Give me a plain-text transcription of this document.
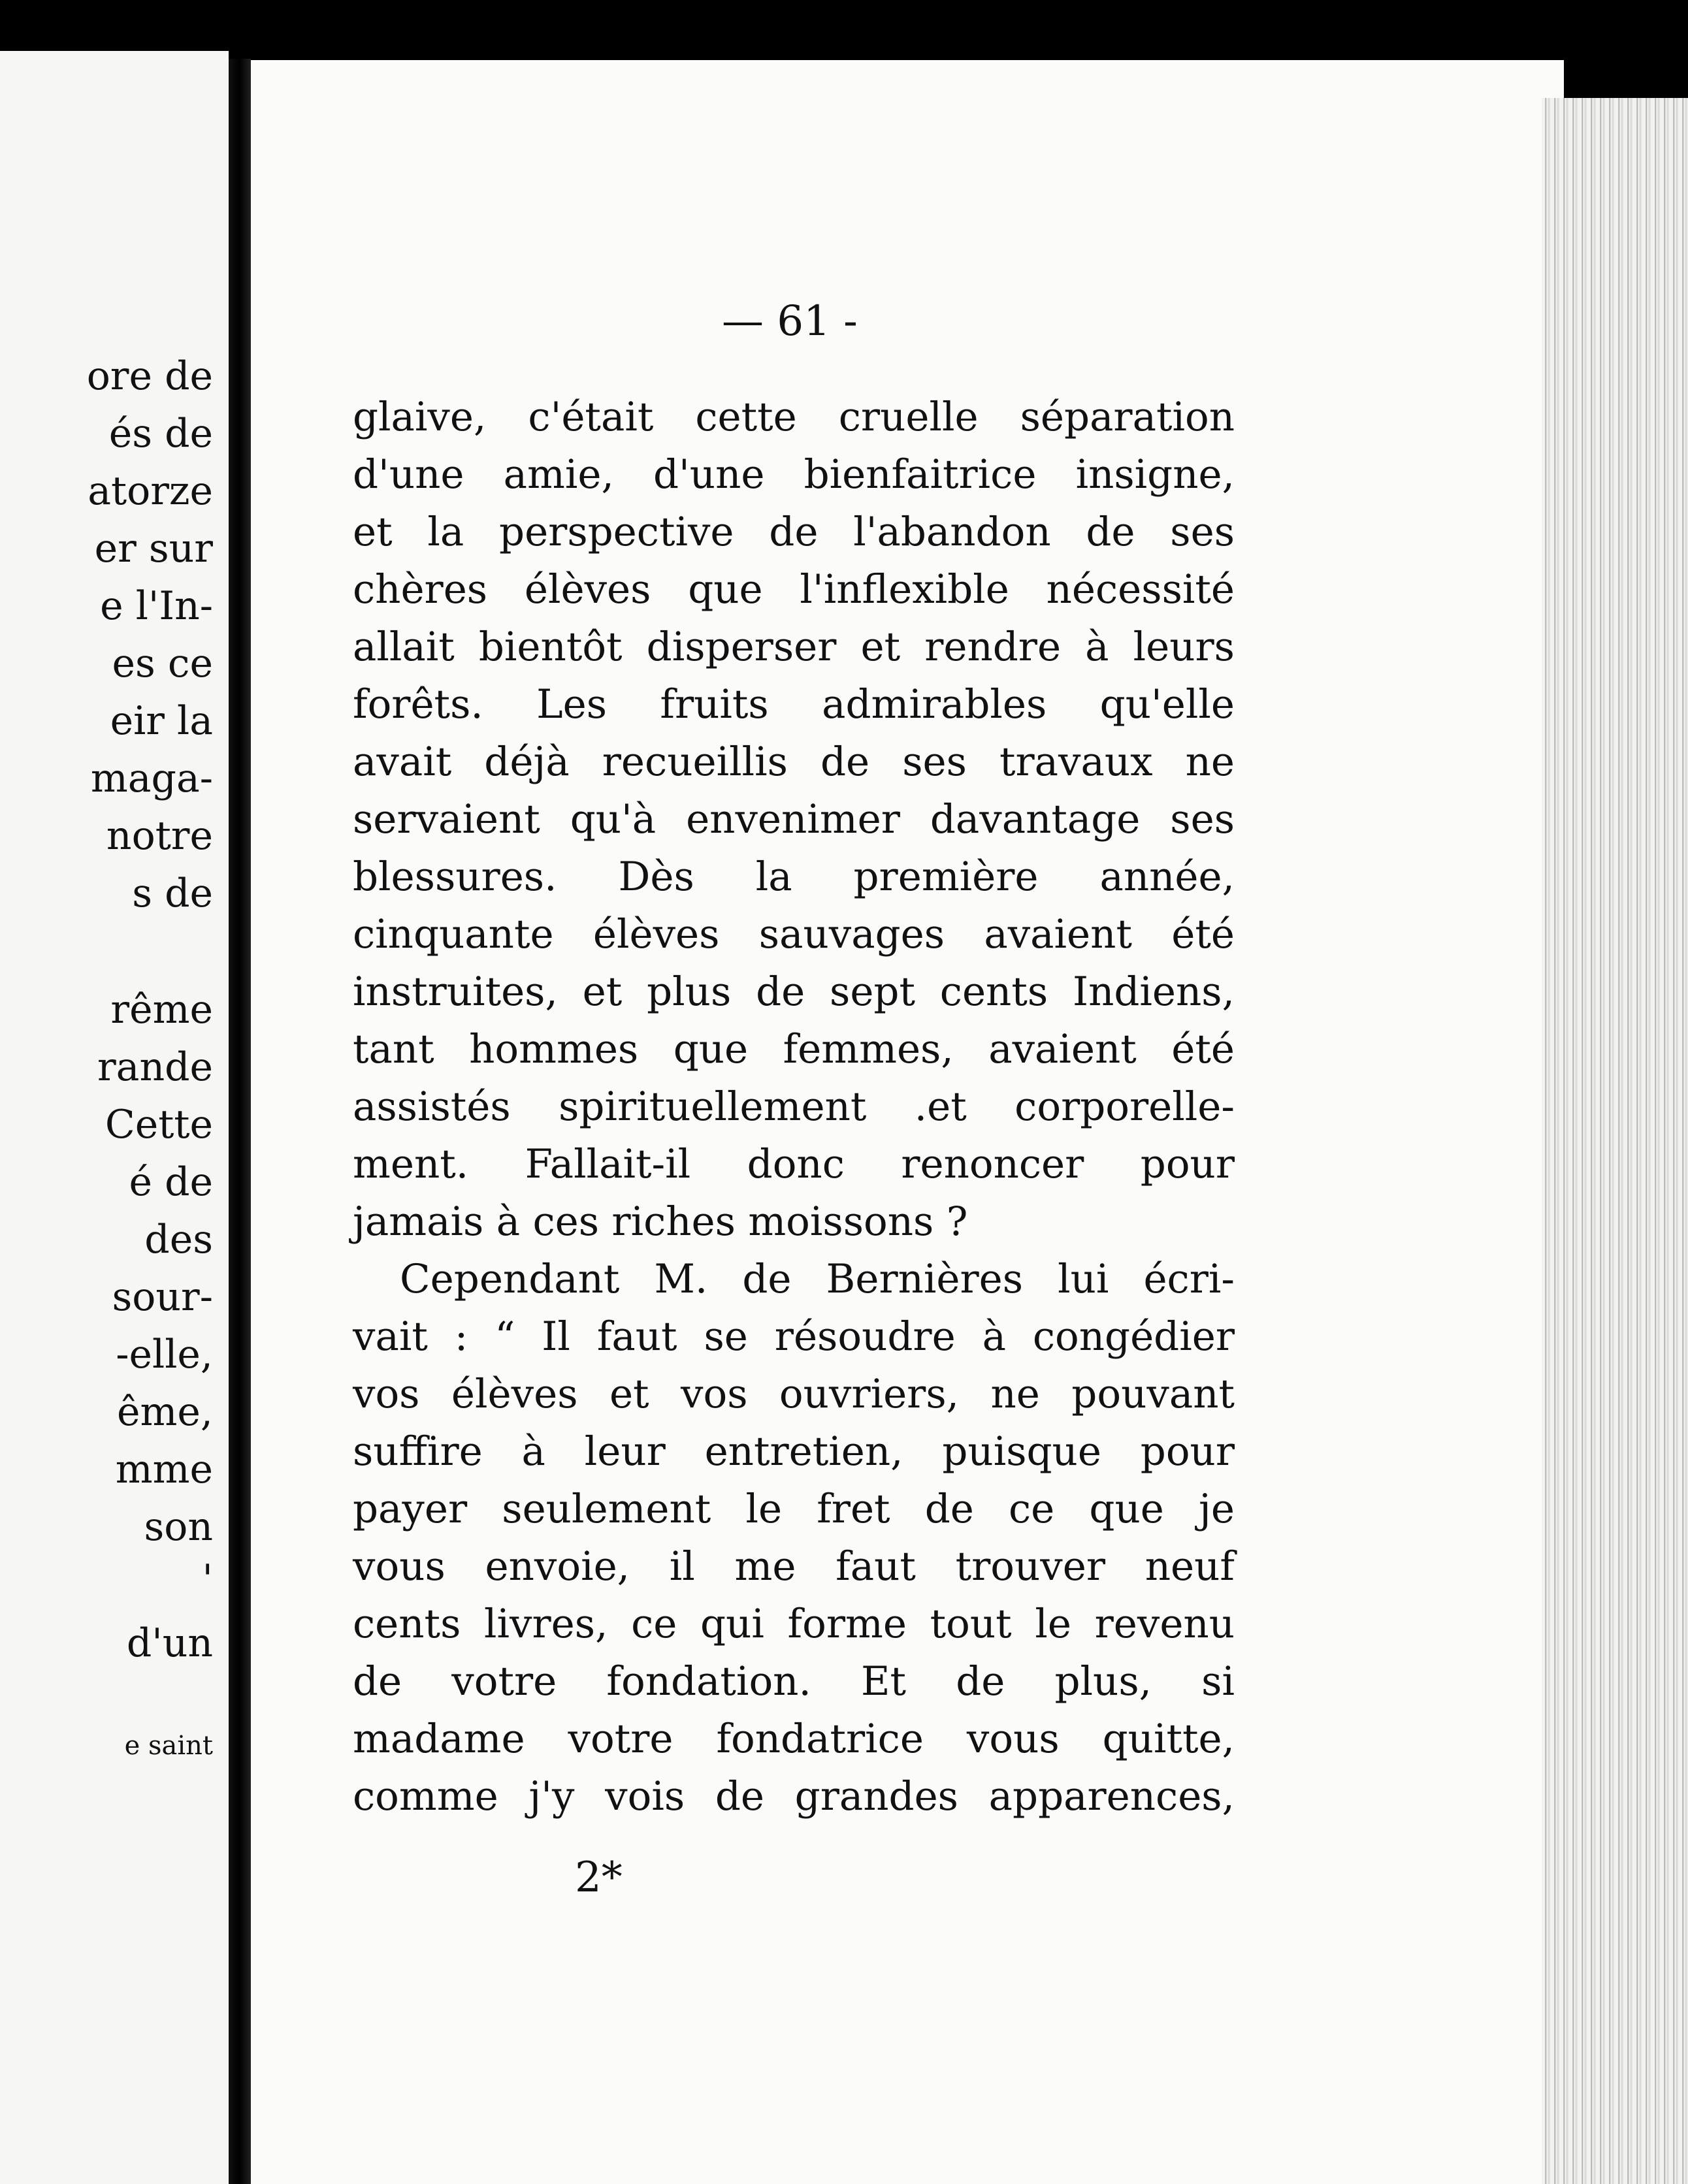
ore de
és de
atorze
er sur
e l'In-
es ce
eir la
maga-
notre
s de
rême
rande
Cette
é de
des
sour-
-elle,
ême,
mme
son
'
d'un
e saint
— 61 -
glaive, c'était cette cruelle séparation
d'une amie, d'une bienfaitrice insigne,
et la perspective de l'abandon de ses
chères élèves que l'inflexible nécessité
allait bientôt disperser et rendre à leurs
forêts. Les fruits admirables qu'elle
avait déjà recueillis de ses travaux ne
servaient qu'à envenimer davantage ses
blessures. Dès la première année,
cinquante élèves sauvages avaient été
instruites, et plus de sept cents Indiens,
tant hommes que femmes, avaient été
assistés spirituellement .et corporelle-
ment. Fallait-il donc renoncer pour
jamais à ces riches moissons ?
Cependant M. de Bernières lui écri-
vait : “ Il faut se résoudre à congédier
vos élèves et vos ouvriers, ne pouvant
suffire à leur entretien, puisque pour
payer seulement le fret de ce que je
vous envoie, il me faut trouver neuf
cents livres, ce qui forme tout le revenu
de votre fondation. Et de plus, si
madame votre fondatrice vous quitte,
comme j'y vois de grandes apparences,
2*
